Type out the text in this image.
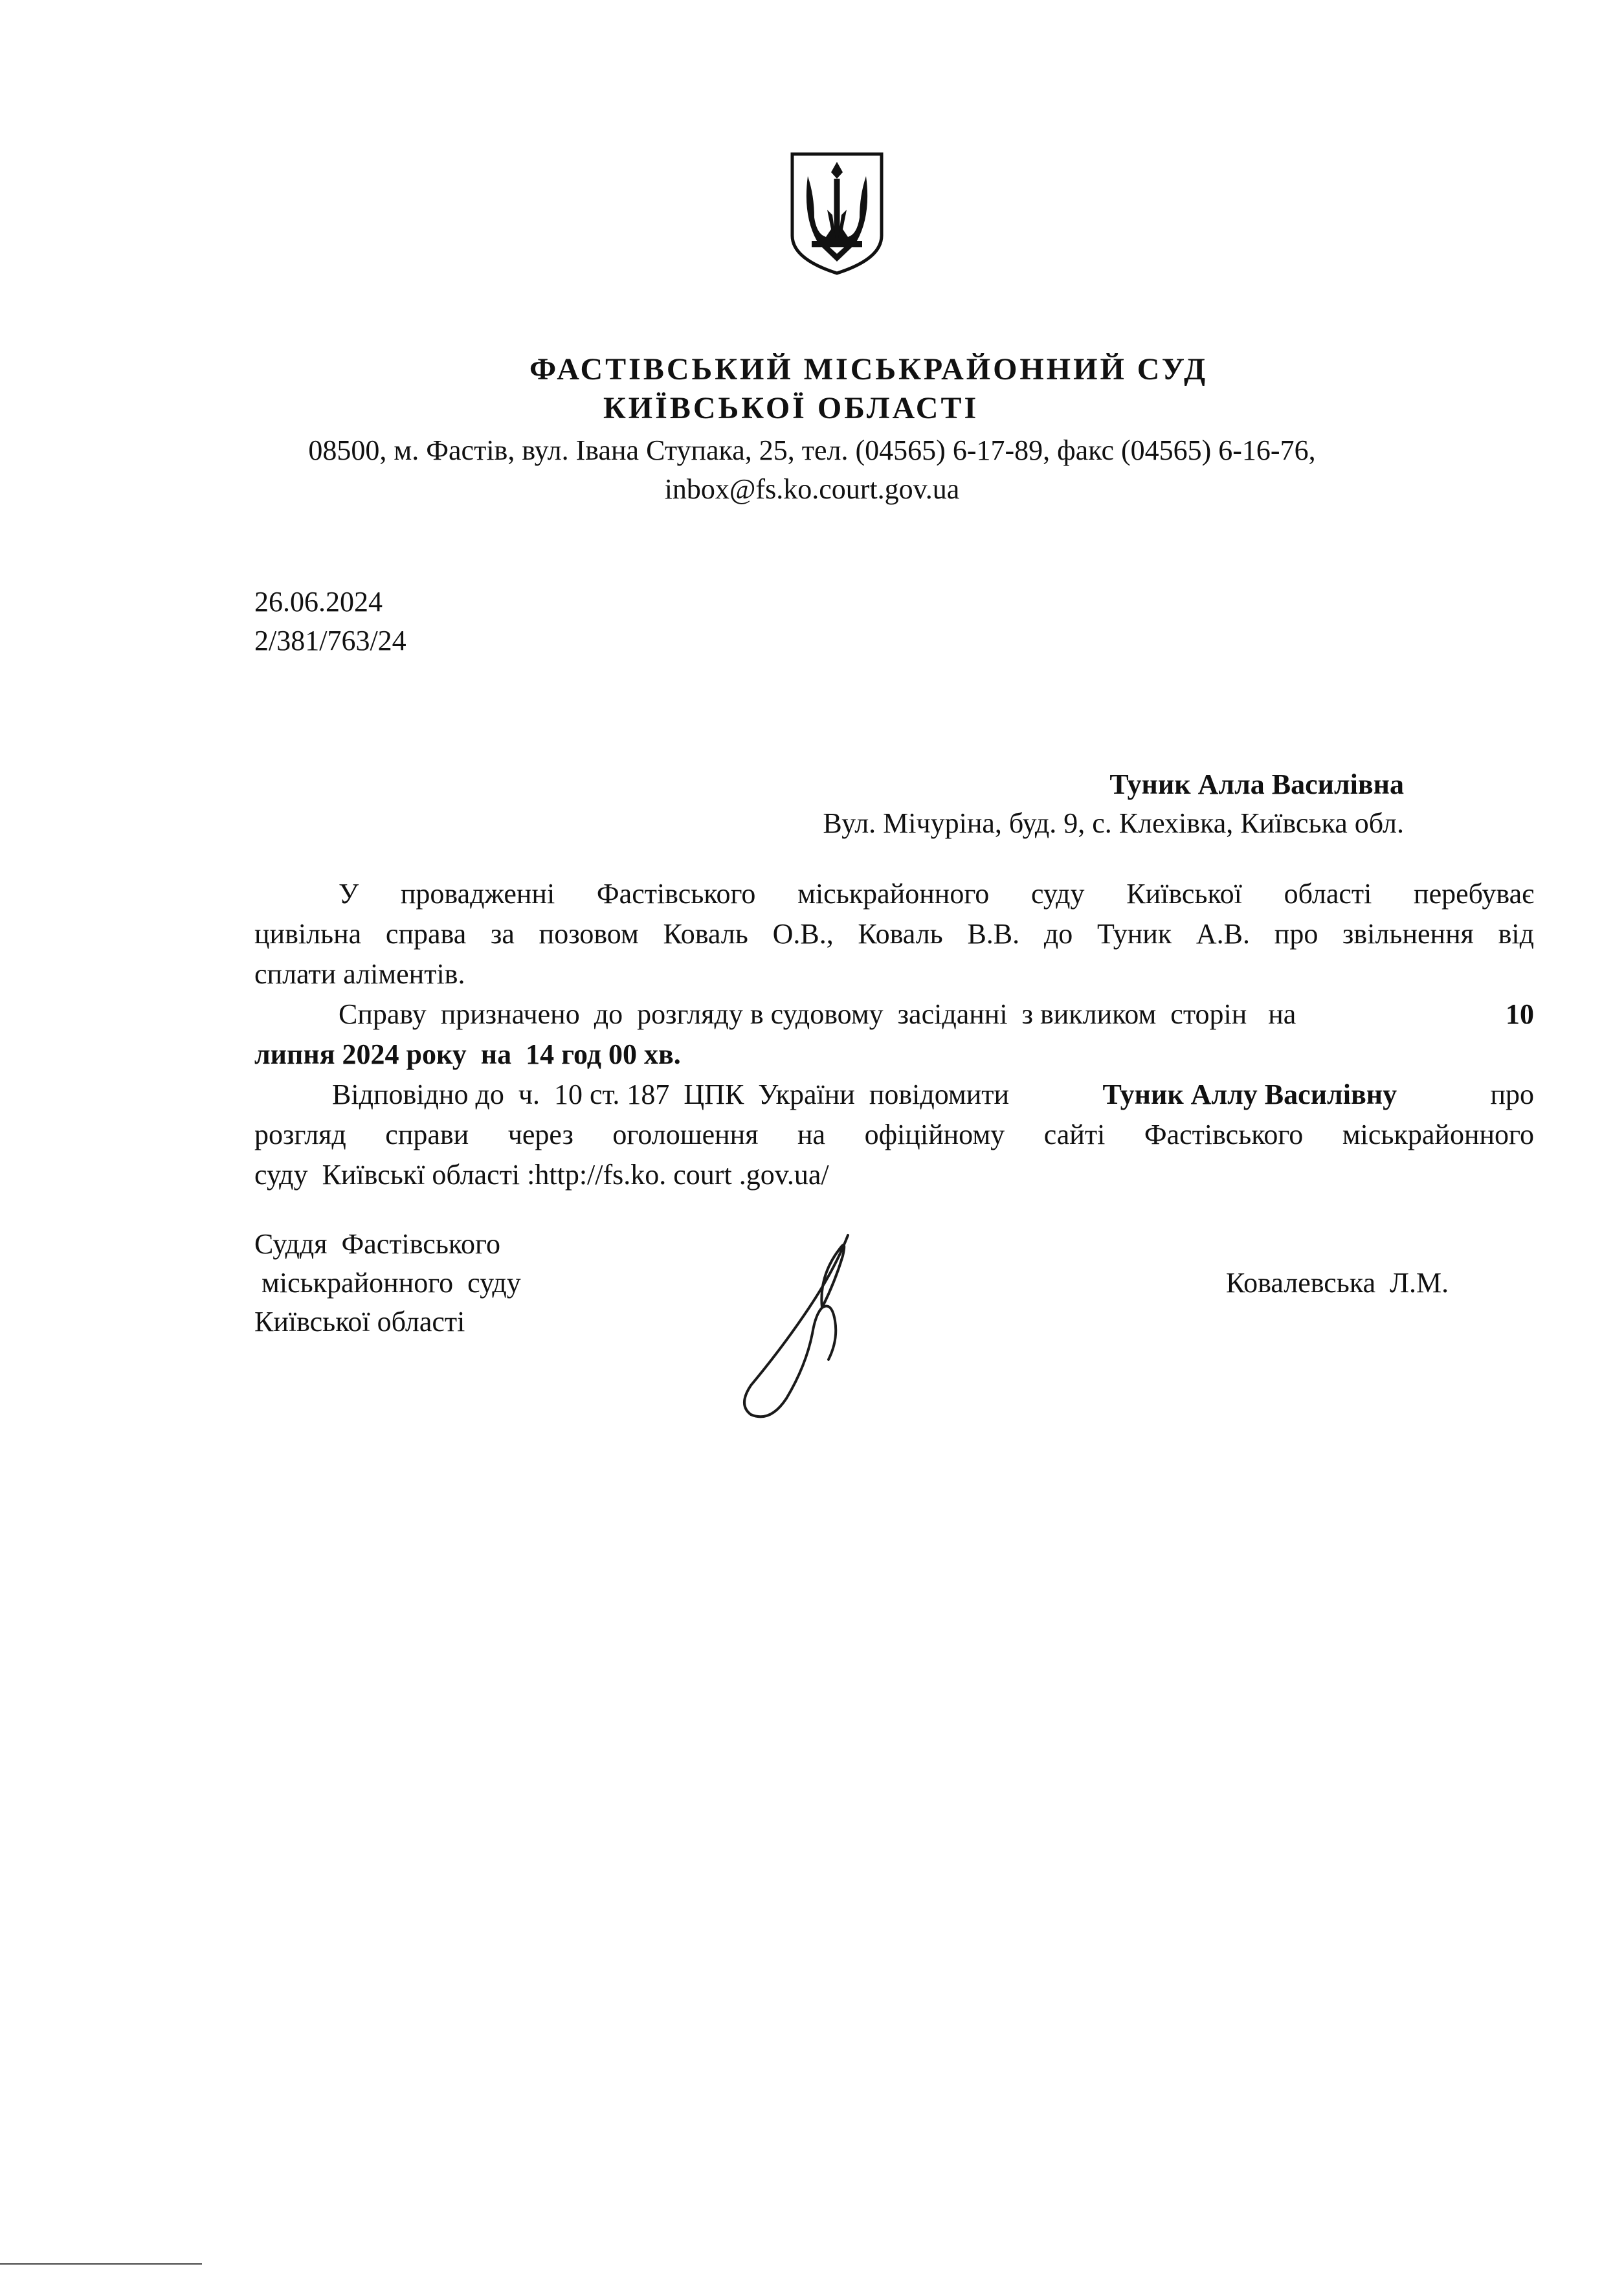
ФАСТІВСЬКИЙ МІСЬКРАЙОННИЙ СУД
КИЇВСЬКОЇ ОБЛАСТІ
08500, м. Фастів, вул. Івана Ступака, 25, тел. (04565) 6-17-89, факс (04565) 6-16-76,
inbox@fs.ko.court.gov.ua
26.06.2024
2/381/763/24
Туник Алла Василівна
Вул. Мічуріна, буд. 9, с. Клехівка, Київська обл.
У провадженні Фастівського міськрайонного суду Київської області перебуває
цивільна справа за позовом Коваль О.В., Коваль В.В. до Туник А.В. про звільнення від
сплати аліментів.
Справу  призначено  до  розгляду в судовому  засіданні  з викликом  сторін   на	10
липня 2024 року  на  14 год 00 хв.
Відповідно до  ч.  10 ст. 187  ЦПК  України  повідомити	Туник Аллу Василівну	про
розгляд справи через оголошення на офіційному сайті Фастівського міськрайонного
суду  Київськї області :http://fs.ko. court .gov.ua/
Суддя  Фастівського
міськрайонного  суду
Київської області
Ковалевська  Л.М.
